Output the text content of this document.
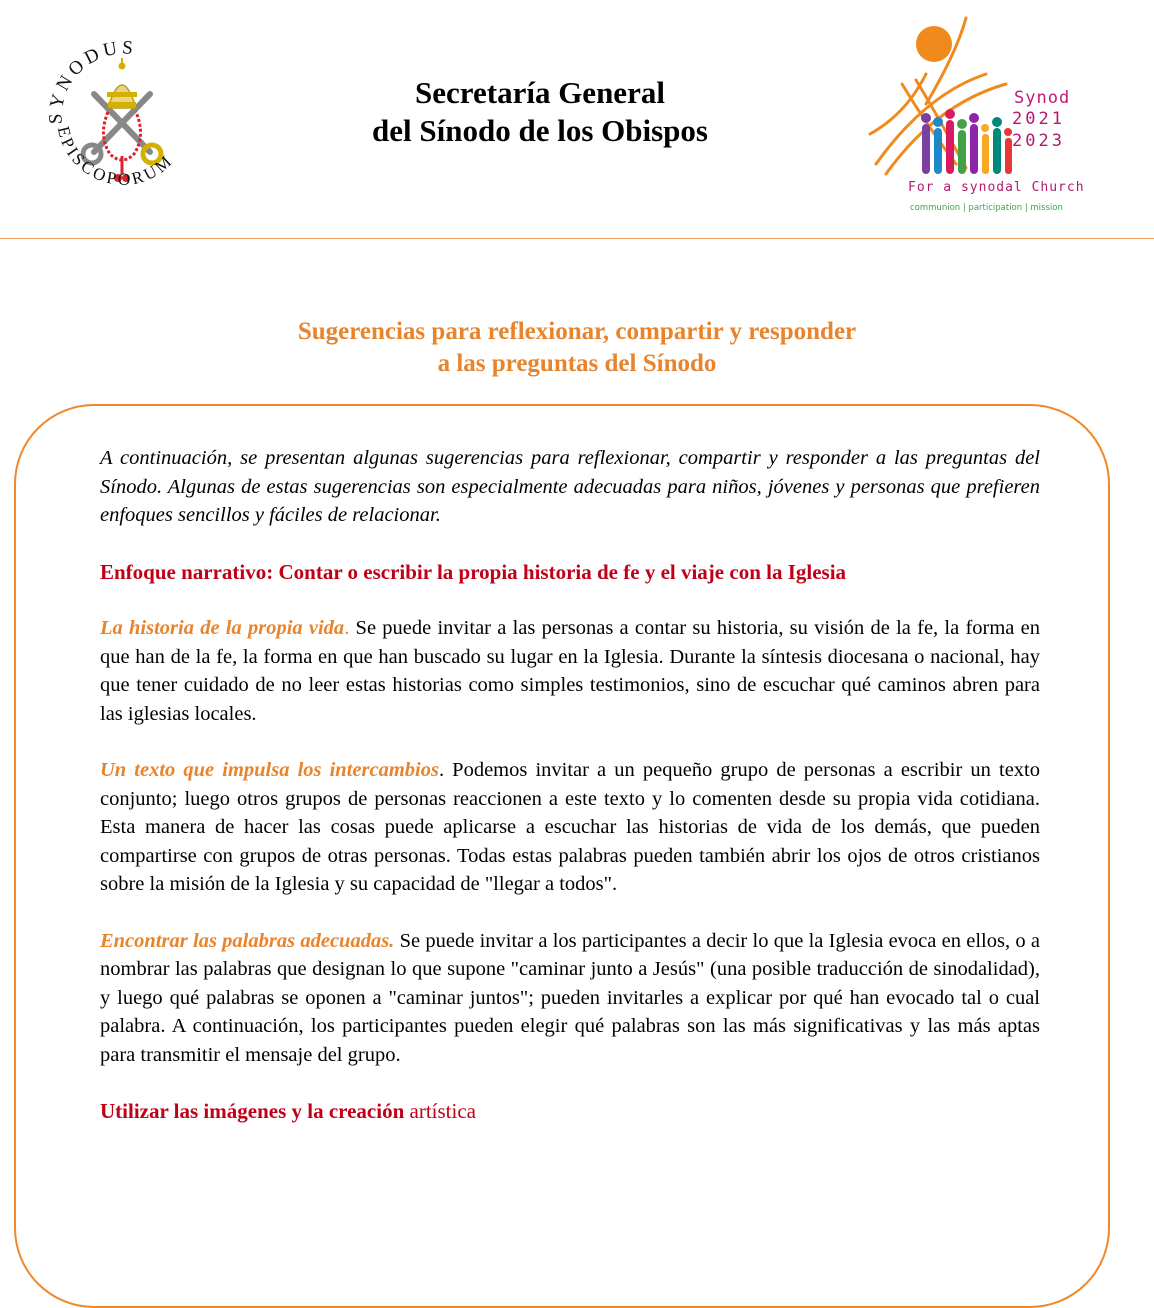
SYNODUS
EPISCOPORUM
Secretaría General
del Sínodo de los Obispos
Synod
2021
2023
For a synodal Church
communion | participation | mission
Sugerencias para reflexionar, compartir y responder
a las preguntas del Sínodo

A continuación, se presentan algunas sugerencias para reflexionar, compartir y responder a las preguntas del Sínodo. Algunas de estas sugerencias son especialmente adecuadas para niños, jóvenes y personas que prefieren enfoques sencillos y fáciles de relacionar.

Enfoque narrativo: Contar o escribir la propia historia de fe y el viaje con la Iglesia

La historia de la propia vida. Se puede invitar a las personas a contar su historia, su visión de la fe, la forma en que han de la fe, la forma en que han buscado su lugar en la Iglesia. Durante la síntesis diocesana o nacional, hay que tener cuidado de no leer estas historias como simples testimonios, sino de escuchar qué caminos abren para las iglesias locales.

Un texto que impulsa los intercambios. Podemos invitar a un pequeño grupo de personas a escribir un texto conjunto; luego otros grupos de personas reaccionen a este texto y lo comenten desde su propia vida cotidiana. Esta manera de hacer las cosas puede aplicarse a escuchar las historias de vida de los demás, que pueden compartirse con grupos de otras personas. Todas estas palabras pueden también abrir los ojos de otros cristianos sobre la misión de la Iglesia y su capacidad de "llegar a todos".

Encontrar las palabras adecuadas. Se puede invitar a los participantes a decir lo que la Iglesia evoca en ellos, o a nombrar las palabras que designan lo que supone "caminar junto a Jesús" (una posible traducción de sinodalidad), y luego qué palabras se oponen a "caminar juntos"; pueden invitarles a explicar por qué han evocado tal o cual palabra. A continuación, los participantes pueden elegir qué palabras son las más significativas y las más aptas para transmitir el mensaje del grupo.

Utilizar las imágenes y la creación artística
